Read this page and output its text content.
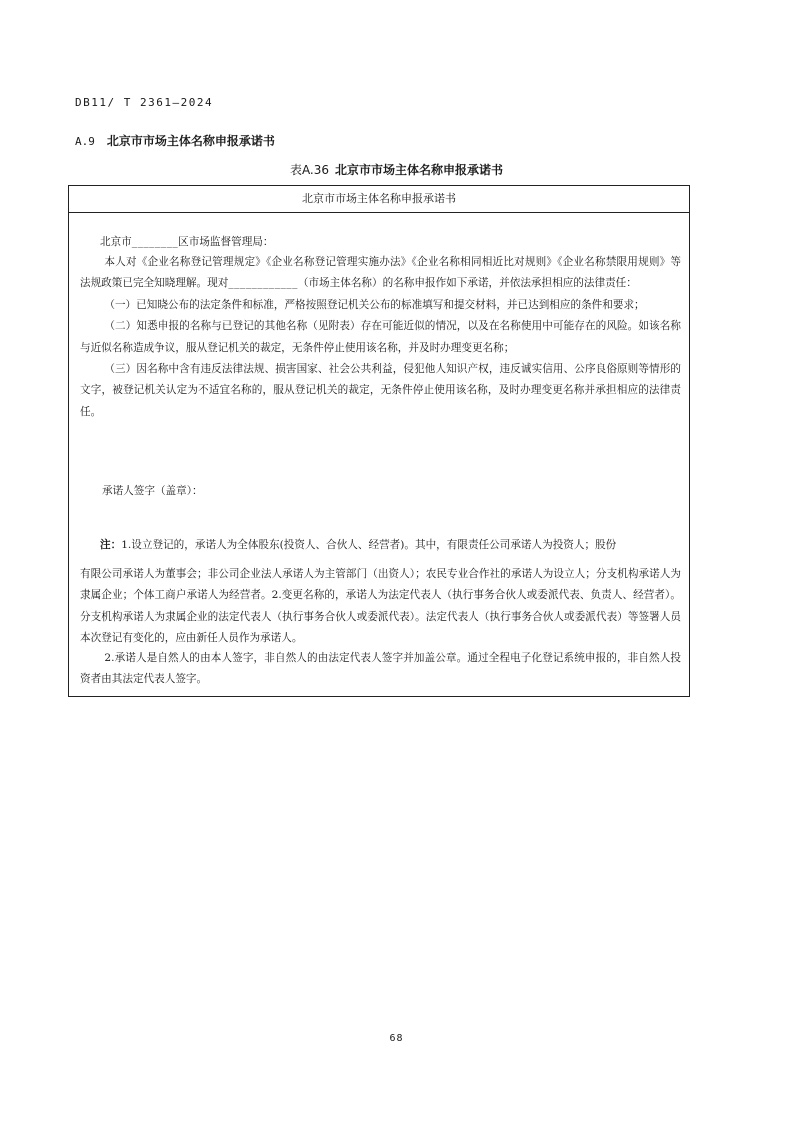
DB11/ T 2361—2024
A.9 北京市市场主体名称申报承诺书
表A.36 北京市市场主体名称申报承诺书
北京市市场主体名称申报承诺书
北京市________区市场监督管理局：

本人对《企业名称登记管理规定》《企业名称登记管理实施办法》《企业名称相同相近比对规则》《企业名称禁限用规则》等法规政策已完全知晓理解。现对____________（市场主体名称）的名称申报作如下承诺，并依法承担相应的法律责任：

（一）已知晓公布的法定条件和标准，严格按照登记机关公布的标准填写和提交材料，并已达到相应的条件和要求；

（二）知悉申报的名称与已登记的其他名称（见附表）存在可能近似的情况，以及在名称使用中可能存在的风险。如该名称与近似名称造成争议，服从登记机关的裁定，无条件停止使用该名称，并及时办理变更名称；

（三）因名称中含有违反法律法规、损害国家、社会公共利益，侵犯他人知识产权，违反诚实信用、公序良俗原则等情形的文字，被登记机关认定为不适宜名称的，服从登记机关的裁定，无条件停止使用该名称，及时办理变更名称并承担相应的法律责任。

承诺人签字（盖章）：
注：1.设立登记的，承诺人为全体股东(投资人、合伙人、经营者)。其中，有限责任公司承诺人为投资人；股份

有限公司承诺人为董事会；非公司企业法人承诺人为主管部门（出资人）；农民专业合作社的承诺人为设立人；分支机构承诺人为隶属企业；个体工商户承诺人为经营者。2.变更名称的，承诺人为法定代表人（执行事务合伙人或委派代表、负责人、经营者）。分支机构承诺人为隶属企业的法定代表人（执行事务合伙人或委派代表）。法定代表人（执行事务合伙人或委派代表）等签署人员本次登记有变化的，应由新任人员作为承诺人。

2.承诺人是自然人的由本人签字，非自然人的由法定代表人签字并加盖公章。通过全程电子化登记系统申报的，非自然人投资者由其法定代表人签字。

68
